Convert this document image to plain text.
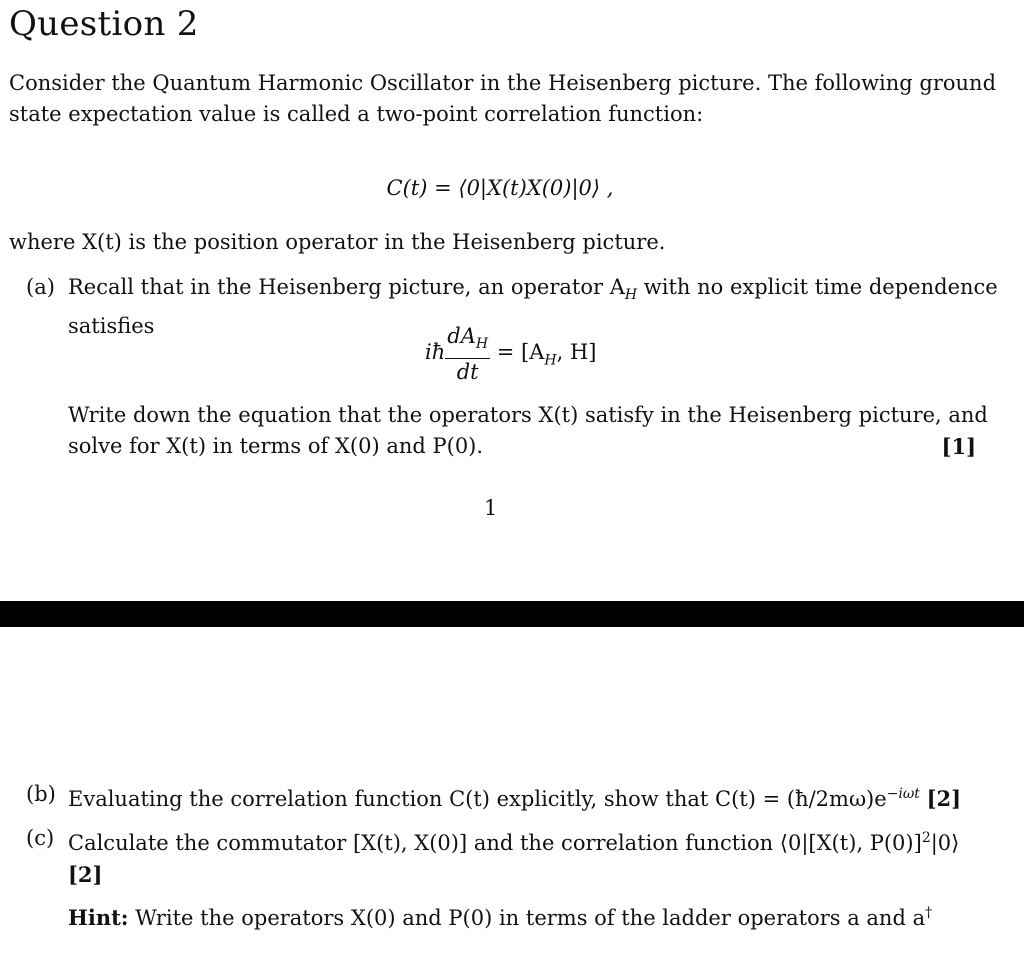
Question 2
Consider the Quantum Harmonic Oscillator in the Heisenberg picture. The following ground
state expectation value is called a two-point correlation function:
C(t) = ⟨0|X(t)X(0)|0⟩ ,
where X(t) is the position operator in the Heisenberg picture.
(a) Recall that in the Heisenberg picture, an operator $A_H$ with no explicit time dependence
satisfies
iħ $\frac{dA_H}{dt} = [A_H$, H]
Write down the equation that the operators X(t) satisfy in the Heisenberg picture, and
solve for X(t) in terms of X(0) and P(0).	[1]
1
(b) Evaluating the correlation function C(t) explicitly, show that $C(t) = (ħ/2m\omega)e^{-i\omega t}$ [2]
(c) Calculate the commutator [X(t), X(0)] and the correlation function ⟨0|[X(t), P(0)]$^2$|0⟩
[2]
Hint: Write the operators X(0) and P(0) in terms of the ladder operators a and a†
